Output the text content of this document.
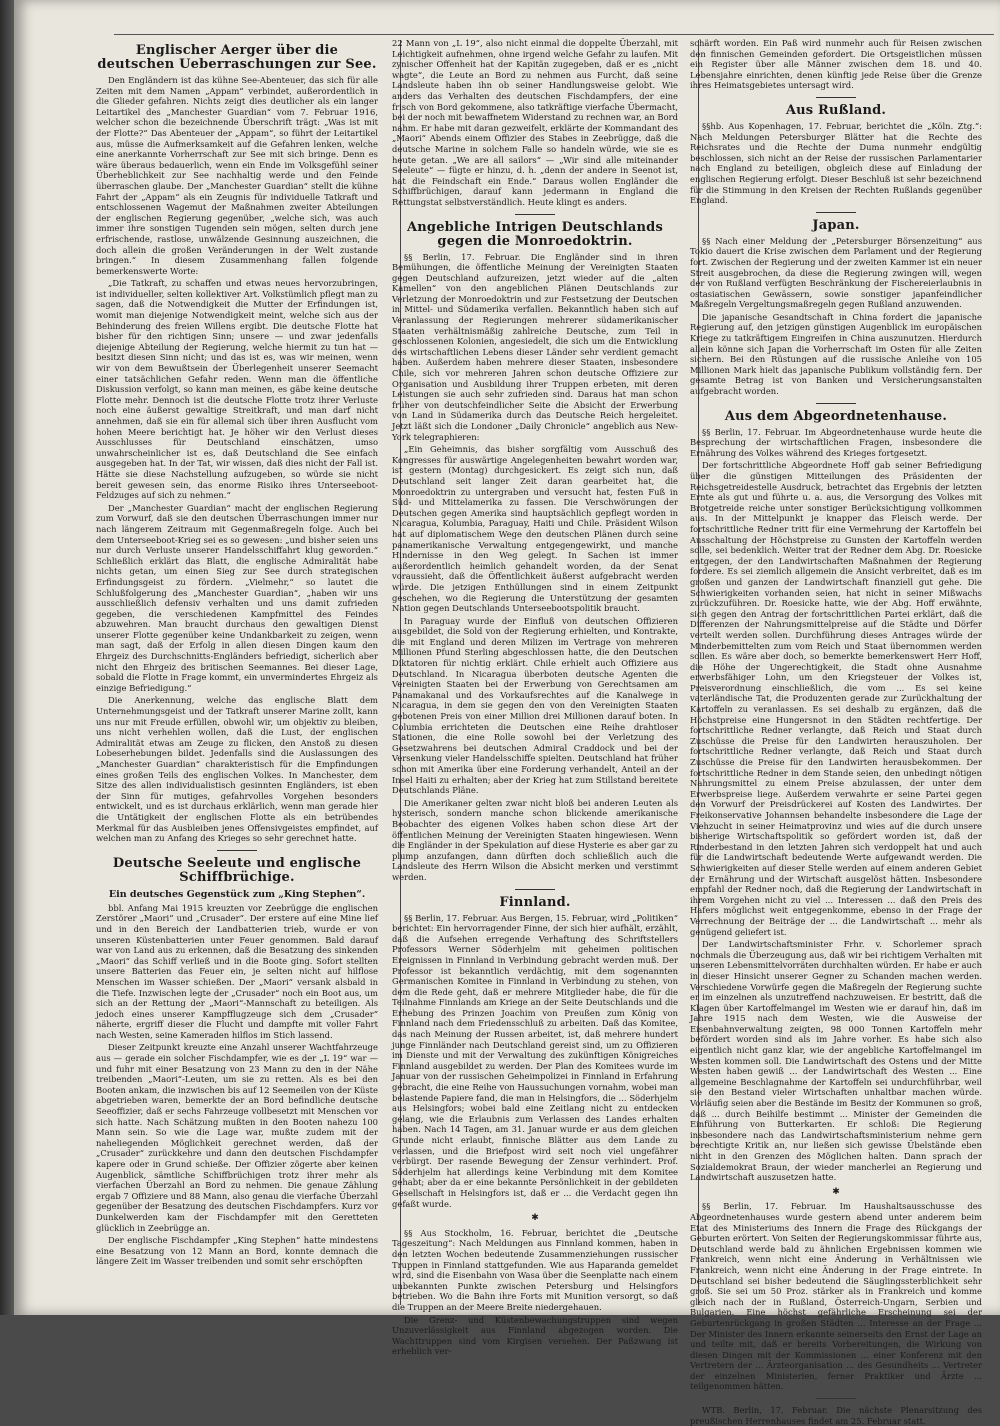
Englischer Aerger über die deutschen Ueberraschungen zur See.

Den Engländern ist das kühne See-Abenteuer, das sich für alle Zeiten mit dem Namen „Appam“ verbindet, außerordentlich in die Glieder gefahren. Nichts zeigt dies deutlicher als ein langer Leitartikel des „Manchester Guardian“ vom 7. Februar 1916, welcher schon die bezeichnende Überschrift trägt: „Was ist mit der Flotte?“ Das Abenteuer der „Appam“, so führt der Leitartikel aus, müsse die Aufmerksamkeit auf die Gefahren lenken, welche eine anerkannte Vorherrschaft zur See mit sich bringe. Denn es wäre überaus bedauerlich, wenn ein Ende im Volksgefühl seiner Überheblichkeit zur See nachhaltig werde und den Feinde überraschen glaube. Der „Manchester Guardian“ stellt die kühne Fahrt der „Appam“ als ein Zeugnis für individuelle Tatkraft und entschlossenen Wagemut der Maßnahmen zweiter Abteilungen der englischen Regierung gegenüber, „welche sich, was auch immer ihre sonstigen Tugenden sein mögen, selten durch jene erfrischende, rastlose, unwälzende Gesinnung auszeichnen, die doch allein die großen Veränderungen in der Welt zustande bringen.“ In diesem Zusammenhang fallen folgende bemerkenswerte Worte:

„Die Tatkraft, zu schaffen und etwas neues hervorzubringen, ist individueller, selten kollektiver Art. Volkstümlich pflegt man zu sagen, daß die Notwendigkeit die Mutter der Erfindungen ist, womit man diejenige Notwendigkeit meint, welche sich aus der Behinderung des freien Willens ergibt. Die deutsche Flotte hat bisher für den richtigen Sinn; unsere — und zwar jedenfalls diejenige Abteilung der Regierung, welche hiermit zu tun hat — besitzt diesen Sinn nicht; und das ist es, was wir meinen, wenn wir von dem Bewußtsein der Überlegenheit unserer Seemacht einer tatsächlichen Gefahr reden. Wenn man die öffentliche Diskussion verfolgt, so kann man meinen, es gäbe keine deutsche Flotte mehr. Dennoch ist die deutsche Flotte trotz ihrer Verluste noch eine äußerst gewaltige Streitkraft, und man darf nicht annehmen, daß sie ein für allemal sich über ihren Ausflucht vom hohen Meere berichtigt hat. Je höher wir den Verlust dieses Ausschlusses für Deutschland einschätzen, umso unwahrscheinlicher ist es, daß Deutschland die See einfach ausgegeben hat. In der Tat, wir wissen, daß dies nicht der Fall ist. Hätte sie diese Nachstellung aufzugeben, so würde sie nicht bereit gewesen sein, das enorme Risiko ihres Unterseeboot-Feldzuges auf sich zu nehmen.“

Der „Manchester Guardian“ macht der englischen Regierung zum Vorwurf, daß sie den deutschen Überraschungen immer nur nach längerem Zeitraum mit Gegenmaßregeln folge. Auch bei dem Unterseeboot-Krieg sei es so gewesen: „und bisher seien uns nur durch Verluste unserer Handelsschiffahrt klug geworden.“ Schließlich erklärt das Blatt, die englische Admiralität habe nichts getan, um einen Sieg zur See durch strategischen Erfindungsgeist zu fördern. „Vielmehr,“ so lautet die Schlußfolgerung des „Manchester Guardian“, „haben wir uns ausschließlich defensiv verhalten und uns damit zufrieden gegeben, die verschiedenen Kampfmittel des Feindes abzuwehren. Man braucht durchaus den gewaltigen Dienst unserer Flotte gegenüber keine Undankbarkeit zu zeigen, wenn man sagt, daß der Erfolg in allen diesen Dingen kaum den Ehrgeiz des Durchschnitts-Engländers befriedigt, sicherlich aber nicht den Ehrgeiz des britischen Seemannes. Bei dieser Lage, sobald die Flotte in Frage kommt, ein unvermindertes Ehrgeiz als einzige Befriedigung.“

Die Anerkennung, welche das englische Blatt dem Unternehmungsgeist und der Tatkraft unserer Marine zollt, kann uns nur mit Freude erfüllen, obwohl wir, um objektiv zu bleiben, uns nicht verhehlen wollen, daß die Lust, der englischen Admiralität etwas am Zeuge zu flicken, den Anstoß zu diesen Lobeserhebungen bildet. Jedenfalls sind die Auslassungen des „Manchester Guardian“ charakteristisch für die Empfindungen eines großen Teils des englischen Volkes. In Manchester, dem Sitze des allen individualistisch gesinnten Engländers, ist eben der Sinn für mutiges, gefahrvolles Vorgehen besonders entwickelt, und es ist durchaus erklärlich, wenn man gerade hier die Untätigkeit der englischen Flotte als ein betrübendes Merkmal für das Ausbleiben jenes Offensivgeistes empfindet, auf welchen man zu Anfang des Krieges so sehr gerechnet hatte.

Deutsche Seeleute und englische Schiffbrüchige.
Ein deutsches Gegenstück zum „King Stephen“.

bbl. Anfang Mai 1915 kreuzten vor Zeebrügge die englischen Zerstörer „Maori“ und „Crusader“. Der erstere auf eine Mine lief und in den Bereich der Landbatterien trieb, wurde er von unseren Küstenbatterien unter Feuer genommen. Bald darauf war von Land aus zu erkennen, daß die Besatzung des sinkenden „Maori“ das Schiff verließ und in die Boote ging. Sofort stellten unsere Batterien das Feuer ein, je selten nicht auf hilflose Menschen im Wasser schießen. Der „Maori“ versank alsbald in die Tiefe. Inzwischen legte der „Crusader“ noch ein Boot aus, um sich an der Rettung der „Maori“-Mannschaft zu beteiligen. Als jedoch eines unserer Kampfflugzeuge sich dem „Crusader“ näherte, ergriff dieser die Flucht und dampfte mit voller Fahrt nach Westen, seine Kameraden hilflos im Stich lassend.

Dieser Zeitpunkt kreuzte eine Anzahl unserer Wachtfahrzeuge aus — gerade ein solcher Fischdampfer, wie es der „L 19“ war — und fuhr mit einer Besatzung von 23 Mann zu den in der Nähe treibenden „Maori“-Leuten, um sie zu retten. Als es bei den Booten ankam, die inzwischen bis auf 12 Seemeilen von der Küste abgetrieben waren, bemerkte der an Bord befindliche deutsche Seeoffizier, daß er sechs Fahrzeuge vollbesetzt mit Menschen vor sich hatte. Nach Schätzung mußten in den Booten nahezu 100 Mann sein. So wie die Lage war, mußte zudem mit der naheliegenden Möglichkeit gerechnet werden, daß der „Crusader“ zurückkehre und dann den deutschen Fischdampfer kapere oder in Grund schieße. Der Offizier zögerte aber keinen Augenblick, sämtliche Schiffbrüchigen trotz ihrer mehr als vierfachen Überzahl an Bord zu nehmen. Die genaue Zählung ergab 7 Offiziere und 88 Mann, also genau die vierfache Überzahl gegenüber der Besatzung des deutschen Fischdampfers. Kurz vor Dunkelwerden kam der Fischdampfer mit den Geretteten glücklich in Zeebrügge an.

Der englische Fischdampfer „King Stephen“ hatte mindestens eine Besatzung von 12 Mann an Bord, konnte demnach die längere Zeit im Wasser treibenden und somit sehr erschöpften

22 Mann von „L 19“, also nicht einmal die doppelte Überzahl, mit Leichtigkeit aufnehmen, ohne irgend welche Gefahr zu laufen. Mit zynischer Offenheit hat der Kapitän zugegeben, daß er es „nicht wagte“, die Leute an Bord zu nehmen aus Furcht, daß seine Landsleute haben ihn ob seiner Handlungsweise gelobt. Wie anders das Verhalten des deutschen Fischdampfers, der eine frisch von Bord gekommene, also tatkräftige vierfache Übermacht, bei der noch mit bewaffnetem Widerstand zu rechnen war, an Bord nahm. Er habe mit daran gezweifelt, erklärte der Kommandant des „Maori“ Abends einem Offizier des Stabes in Zeebrügge, daß die deutsche Marine in solchem Falle so handeln würde, wie sie es heute getan. „We are all sailors“ — „Wir sind alle miteinander Seeleute“ — fügte er hinzu, d. h. „denn der andere in Seenot ist, hat die Feindschaft ein Ende.“ Daraus wollen Engländer die Schiffbrüchigen, darauf kann jedermann in England die Rettungstat selbstverständlich. Heute klingt es anders.

Angebliche Intrigen Deutschlands gegen die Monroedoktrin.

§§ Berlin, 17. Februar. Die Engländer sind in ihren Bemühungen, die öffentliche Meinung der Vereinigten Staaten gegen Deutschland aufzureizen, jetzt wieder auf die „alten Kamellen“ von den angeblichen Plänen Deutschlands zur Verletzung der Monroedoktrin und zur Festsetzung der Deutschen in Mittel- und Südamerika verfallen. Bekanntlich haben sich auf Veranlassung der Regierungen mehrerer südamerikanischer Staaten verhältnismäßig zahlreiche Deutsche, zum Teil in geschlossenen Kolonien, angesiedelt, die sich um die Entwicklung des wirtschaftlichen Lebens dieser Länder sehr verdient gemacht haben. Außerdem haben mehrere dieser Staaten, insbesondere Chile, sich vor mehreren Jahren schon deutsche Offiziere zur Organisation und Ausbildung ihrer Truppen erbeten, mit deren Leistungen sie auch sehr zufrieden sind. Daraus hat man schon früher von deutschfeindlicher Seite die Absicht der Erwerbung von Land in Südamerika durch das Deutsche Reich hergeleitet. Jetzt läßt sich die Londoner „Daily Chronicle“ angeblich aus New-York telegraphieren:

„Ein Geheimnis, das bisher sorgfältig vom Ausschuß des Kongresses für auswärtige Angelegenheiten bewahrt worden war, ist gestern (Montag) durchgesickert. Es zeigt sich nun, daß Deutschland seit langer Zeit daran gearbeitet hat, die Monroedoktrin zu untergraben und versucht hat, festen Fuß in Süd- und Mittelamerika zu fassen. Die Verschwörungen der Deutschen gegen Amerika sind hauptsächlich gepflegt worden in Nicaragua, Kolumbia, Paraguay, Haiti und Chile. Präsident Wilson hat auf diplomatischem Wege den deutschen Plänen durch seine panamerikanische Verwaltung entgegengewirkt, und manche Hindernisse in den Weg gelegt. In Sachen ist immer außerordentlich heimlich gehandelt worden, da der Senat voraussieht, daß die Öffentlichkeit äußerst aufgebracht werden würde. Die jetzigen Enthüllungen sind in einem Zeitpunkt geschehen, wo die Regierung die Unterstützung der gesamten Nation gegen Deutschlands Unterseebootspolitik braucht.

In Paraguay wurde der Einfluß von deutschen Offizieren ausgebildet, die Sold von der Regierung erhielten, und Kontrakte, die mit England und deren Milizen im Vertrage von mehreren Millionen Pfund Sterling abgeschlossen hatte, die den Deutschen Diktatoren für nichtig erklärt. Chile erhielt auch Offiziere aus Deutschland. In Nicaragua überboten deutsche Agenten die Vereinigten Staaten bei der Erwerbung von Gerechtsamen am Panamakanal und des Vorkaufsrechtes auf die Kanalwege in Nicaragua, in dem sie gegen den von den Vereinigten Staaten gebotenen Preis von einer Million drei Millionen darauf boten. In Columbia errichteten die Deutschen eine Reihe drahtloser Stationen, die eine Rolle sowohl bei der Verletzung des Gesetzwahrens bei deutschen Admiral Craddock und bei der Versenkung vieler Handelsschiffe spielten. Deutschland hat früher schon mit Amerika über eine Forderung verhandelt, Anteil an der Insel Haiti zu erhalten; aber der Krieg hat zum Stillstand bereitete Deutschlands Pläne.

Die Amerikaner gelten zwar nicht bloß bei anderen Leuten als hysterisch, sondern manche schon blickende amerikanische Beobachter des eigenen Volkes haben schon diese Art der öffentlichen Meinung der Vereinigten Staaten hingewiesen. Wenn die Engländer in der Spekulation auf diese Hysterie es aber gar zu plump anzufangen, dann dürften doch schließlich auch die Landsleute des Herrn Wilson die Absicht merken und verstimmt werden.

Finnland.

§§ Berlin, 17. Februar. Aus Bergen, 15. Februar, wird „Politiken“ berichtet: Ein hervorragender Finne, der sich hier aufhält, erzählt, daß die Aufsehen erregende Verhaftung des Schriftstellers Professors Werner Söderhjelm mit geheimen politischen Ereignissen in Finnland in Verbindung gebracht werden muß. Der Professor ist bekanntlich verdächtig, mit dem sogenannten Germanischen Komitee in Finnland in Verbindung zu stehen, von dem die Rede geht, daß er mehrere Mitglieder habe, die für die Teilnahme Finnlands am Kriege an der Seite Deutschlands und die Erhebung des Prinzen Joachim von Preußen zum König von Finnland nach dem Friedensschluß zu arbeiten. Daß das Komitee, das nach Meinung der Russen arbeitet, ist, daß mehrere hundert junge Finnländer nach Deutschland gereist sind, um zu Offizieren im Dienste und mit der Verwaltung des zukünftigen Königreiches Finnland ausgebildet zu werden. Der Plan des Komitees wurde im Januar von der russischen Geheimpolizei in Finnland in Erfahrung gebracht, die eine Reihe von Haussuchungen vornahm, wobei man belastende Papiere fand, die man in Helsingfors, die ... Söderhjelm aus Helsingfors; wobei bald eine Zeitlang nicht zu entdecken gelang, wie die Erlaubnis zum Verlassen des Landes erhalten haben. Nach 14 Tagen, am 31. Januar wurde er aus dem gleichen Grunde nicht erlaubt, finnische Blätter aus dem Lande zu verlassen, und die Briefpost wird seit noch viel ungefährer verbürgt. Der rasende Bewegung der Zensur verhindert. Prof. Söderhjelm hat allerdings keine Verbindung mit dem Komitee gehabt; aber da er eine bekannte Persönlichkeit in der gebildeten Gesellschaft in Helsingfors ist, daß er ... die Verdacht gegen ihn gefaßt wurde.

✱

§§ Aus Stockholm, 16. Februar, berichtet die „Deutsche Tageszeitung“: Nach Meldungen aus Finnland kommen, haben in den letzten Wochen bedeutende Zusammenziehungen russischer Truppen in Finnland stattgefunden. Wie aus Haparanda gemeldet wird, sind die Eisenbahn von Wasa über die Seenplatte nach einem unbekannten Punkte zwischen Petersburg und Helsingfors betrieben. Wo die Bahn ihre Forts mit Munition versorgt, so daß die Truppen an der Meere Breite niedergehauen.

Die Grenz- und Küstenbewachungstruppen sind wegen Unzuverlässigkeit aus Finnland abgezogen worden. Die Wachttruppen sind vom Kirgisen versehen. Der Paßzwang ist erheblich ver-

schärft worden. Ein Paß wird nunmehr auch für Reisen zwischen den finnischen Gemeinden gefordert. Die Ortsgeistlichen müssen ein Register über alle Männer zwischen dem 18. und 40. Lebensjahre einrichten, denen künftig jede Reise über die Grenze ihres Heimatsgebietes untersagt wird.

Aus Rußland.

§§hb. Aus Kopenhagen, 17. Februar, berichtet die „Köln. Ztg.“: Nach Meldungen Petersburger Blätter hat die Rechte des Reichsrates und die Rechte der Duma nunmehr endgültig beschlossen, sich nicht an der Reise der russischen Parlamentarier nach England zu beteiligen, obgleich diese auf Einladung der englischen Regierung erfolgt. Dieser Beschluß ist sehr bezeichnend für die Stimmung in den Kreisen der Rechten Rußlands gegenüber England.

Japan.

§§ Nach einer Meldung der „Petersburger Börsenzeitung“ aus Tokio dauert die Krise zwischen dem Parlament und der Regierung fort. Zwischen der Regierung und der zweiten Kammer ist ein neuer Streit ausgebrochen, da diese die Regierung zwingen will, wegen der von Rußland verfügten Beschränkung der Fischereierlaubnis in ostasiatischen Gewässern, sowie sonstiger japanfeindlicher Maßregeln Vergeltungsmaßregeln gegen Rußland anzuwenden.

Die japanische Gesandtschaft in China fordert die japanische Regierung auf, den jetzigen günstigen Augenblick im europäischen Kriege zu tatkräftigem Eingreifen in China auszunutzen. Hierdurch allein könne sich Japan die Vorherrschaft im Osten für alle Zeiten sichern. Bei den Rüstungen auf die russische Anleihe von 105 Millionen Mark hielt das japanische Publikum vollständig fern. Der gesamte Betrag ist von Banken und Versicherungsanstalten aufgebracht worden.

Aus dem Abgeordnetenhause.

§§ Berlin, 17. Februar. Im Abgeordnetenhause wurde heute die Besprechung der wirtschaftlichen Fragen, insbesondere die Ernährung des Volkes während des Krieges fortgesetzt.

Der fortschrittliche Abgeordnete Hoff gab seiner Befriedigung über die günstigen Mitteilungen des Präsidenten der Reichsgetreidestelle Ausdruck, betrachtet das Ergebnis der letzten Ernte als gut und führte u. a. aus, die Versorgung des Volkes mit Brotgetreide reiche unter sonstiger Berücksichtigung vollkommen aus. In der Mittelpunkt je knapper das Fleisch werde. Der fortschrittliche Redner tritt für eine Vermehrung der Kartoffeln bei Ausschaltung der Höchstpreise zu Gunsten der Kartoffeln werden solle, sei bedenklich. Weiter trat der Redner dem Abg. Dr. Roesicke entgegen, der den Landwirtschaften Maßnahmen der Regierung fordere. Es sei ziemlich allgemein die Ansicht verbreitet, daß es im großen und ganzen der Landwirtschaft finanziell gut gehe. Die Schwierigkeiten vorhanden seien, hat nicht in seiner Mißwachs zurückzuführen. Dr. Roesicke hatte, wie der Abg. Hoff erwähnte, sich gegen den Antrag der fortschrittlichen Partei erklärt, daß die Differenzen der Nahrungsmittelpreise auf die Städte und Dörfer verteilt werden sollen. Durchführung dieses Antrages würde der Minderbemittelten zum vom Reich und Staat übernommen werden sollen. Es wäre aber doch, so bemerkte bemerkenswert Herr Hoff, die Höhe der Ungerechtigkeit, die Stadt ohne Ausnahme erwerbsfähiger Lohn, um den Kriegsteuer der Volkes ist, Preisverordnung einschließlich, die vom ... Es sei keine vaterländische Tat, die Produzenten gerade zur Zurückhaltung der Kartoffeln zu veranlassen. Es sei deshalb zu ergänzen, daß die Höchstpreise eine Hungersnot in den Städten rechtfertige. Der fortschrittliche Redner verlangte, daß Reich und Staat durch Zuschüsse die Preise für den Landwirten herauszuholen. Der fortschrittliche Redner verlangte, daß Reich und Staat durch Zuschüsse die Preise für den Landwirten herausbekommen. Der fortschrittliche Redner in dem Stande seien, den unbedingt nötigen Nahrungsmittel zu einem Preise abzulassen, der unter dem Erwerbspreise liege. Außerdem verwahrte er seine Partei gegen den Vorwurf der Preisdrückerei auf Kosten des Landwirtes. Der Freikonservative Johannsen behandelte insbesondere die Lage der Viehzucht in seiner Heimatprovinz und wies auf die durch unsere bisherige Wirtschaftspolitik so gefördert worden ist, daß der Rinderbestand in den letzten Jahren sich verdoppelt hat und auch für die Landwirtschaft bedeutende Werte aufgewandt werden. Die Schwierigkeiten auf dieser Stelle werden auf einem anderen Gebiet der Ernährung und der Wirtschaft ausgelöst hätten. Insbesondere empfahl der Redner noch, daß die Regierung der Landwirtschaft in ihrem Vorgehen nicht zu viel ... Interessen ... daß den Preis des Hafers möglichst weit entgegenkomme, ebenso in der Frage der Verrechnung der Beiträge der ... die Landwirtschaft ... mehr als genügend geliefert ist.

Der Landwirtschaftsminister Frhr. v. Schorlemer sprach nochmals die Überzeugung aus, daß wir bei richtigem Verhalten mit unseren Lebensmittelvorräten durchhalten würden. Er habe er auch in dieser Hinsicht unserer Gegner zu Schanden machen werden. Verschiedene Vorwürfe gegen die Maßregeln der Regierung suchte er im einzelnen als unzutreffend nachzuweisen. Er bestritt, daß die Klagen über Kartoffelmangel im Westen wie er darauf hin, daß im Jahre 1915 nach dem Westen, wie die Ausweise der Eisenbahnverwaltung zeigten, 98 000 Tonnen Kartoffeln mehr befördert worden sind als im Jahre vorher. Es habe sich also eigentlich nicht ganz klar, wie der angebliche Kartoffelmangel im Westen kommen soll. Die Landwirtschaft des Ostens und der Mitte Westen haben gewiß ... der Landwirtschaft des Westen ... Eine allgemeine Beschlagnahme der Kartoffeln sei undurchführbar, weil sie den Bestand vieler Wirtschaften unhaltbar machen würde. Vorläufig seien aber die Bestände im Besitz der Kommunen so groß, daß ... durch Beihilfe bestimmt ... Minister der Gemeinden die Einführung von Butterkarten. Er schloß: Die Regierung insbesondere nach das Landwirtschaftsministerium nehme gern berechtigte Kritik an, nur ließen sich gewisse Übelstände eben nicht in den Grenzen des Möglichen halten. Dann sprach der Sozialdemokrat Braun, der wieder mancherlei an Regierung und Landwirtschaft auszusetzen hatte.

✱

§§ Berlin, 17. Februar. Im Haushaltsausschusse des Abgeordnetenhauses wurde gestern abend unter anderem beim Etat des Ministeriums des Innern die Frage des Rückgangs der Geburten erörtert. Von Seiten der Regierungskommissar führte aus, Deutschland werde bald zu ähnlichen Ergebnissen kommen wie Frankreich, wenn nicht eine Änderung in Verhältnissen wie Frankreich, wenn nicht eine Änderung in der Frage eintrete. In Deutschland sei bisher bedeutend die Säuglingssterblichkeit sehr groß. Sie sei um 50 Proz. stärker als in Frankreich und komme gleich nach der in Rußland, Österreich-Ungarn, Serbien und Bulgarien. Eine höchst gefährliche Erscheinung sei der Geburtenrückgang in großen Städten ... Interesse an der Frage ... Der Minister des Innern erkannte seinerseits den Ernst der Lage an und teilte mit, daß er bereits Vorbereitungen, die Wirkung von diesen Dingen mit der Kommissionen ... einer Konferenz mit den Vertretern der ... Ärzteorganisation ... des Gesundheits ... Vertreter der einzelnen Ministerien, ferner Praktiker und Ärzte ... teilgenommen hätten.

WTB. Berlin, 17. Februar. Die nächste Plenarsitzung des preußischen Herrenhauses findet am 25. Februar statt.
